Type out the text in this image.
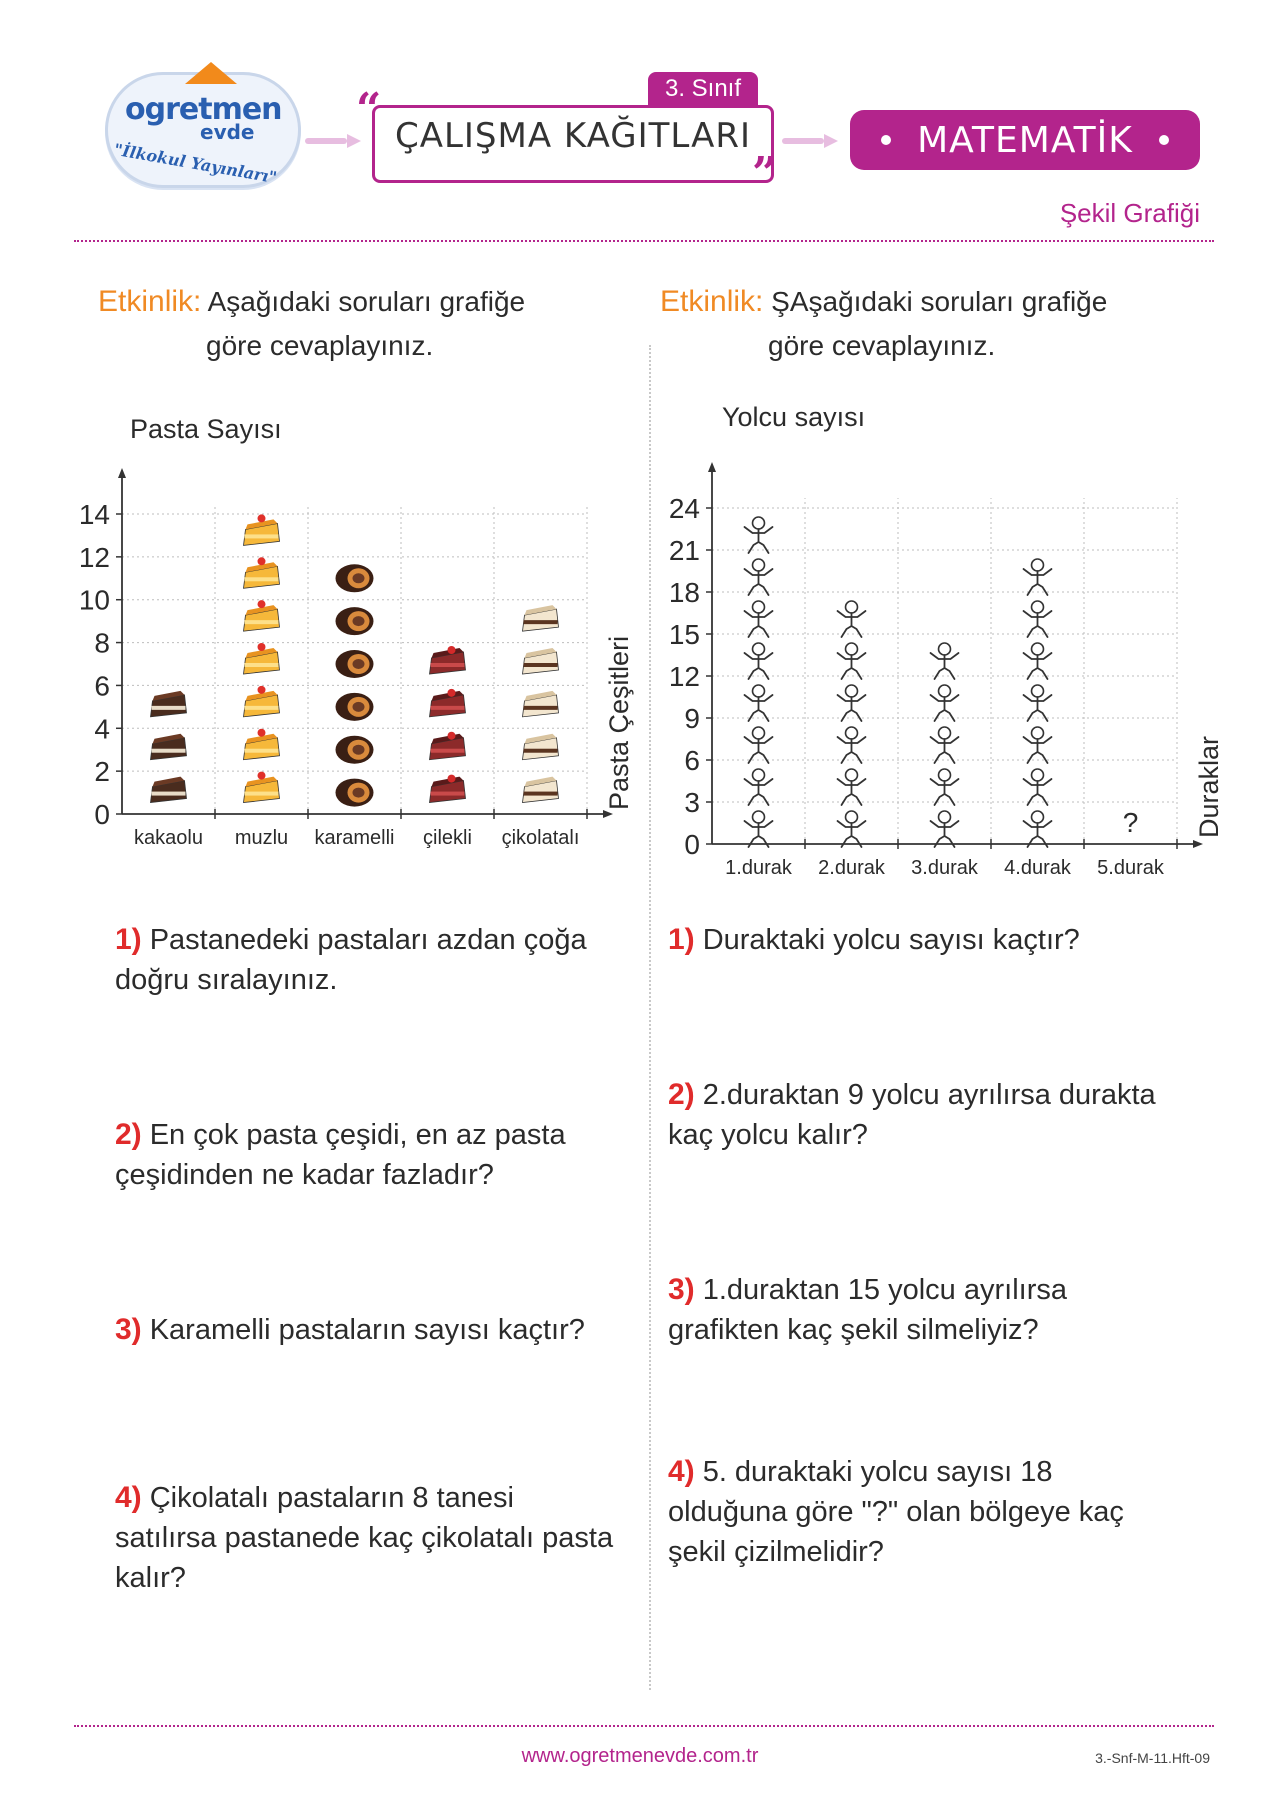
ogretmen
evde
"İlkokul Yayınları"
3. Sınıf
“
”
ÇALIŞMA KAĞITLARI	MATEMATİK
Şekil Grafiği
Etkinlik: Aşağıdaki soruları grafiğe
göre cevaplayınız.
Etkinlik: ŞAşağıdaki soruları grafiğe
göre cevaplayınız.
Pasta Sayısı
Pasta Çeşitleri
0
2
4
6
8
10
12
14
kakaolu muzlu karamelli çilekli çikolatalı
Yolcu sayısı
Duraklar
0
3
6
9
12
15
18
21
24
1.durak 2.durak 3.durak 4.durak 5.durak
?
1) Pastanedeki pastaları azdan çoğa doğru sıralayınız.
2) En çok pasta çeşidi, en az pasta çeşidinden ne kadar fazladır?
3) Karamelli pastaların sayısı kaçtır?
4) Çikolatalı pastaların 8 tanesi satılırsa pastanede kaç çikolatalı pasta kalır?
1) Duraktaki yolcu sayısı kaçtır?
2) 2.duraktan 9 yolcu ayrılırsa durakta kaç yolcu kalır?
3) 1.duraktan 15 yolcu ayrılırsa grafikten kaç şekil silmeliyiz?
4) 5. duraktaki yolcu sayısı 18 olduğuna göre "?" olan bölgeye kaç şekil çizilmelidir?
www.ogretmenevde.com.tr	3.-Snf-M-11.Hft-09
